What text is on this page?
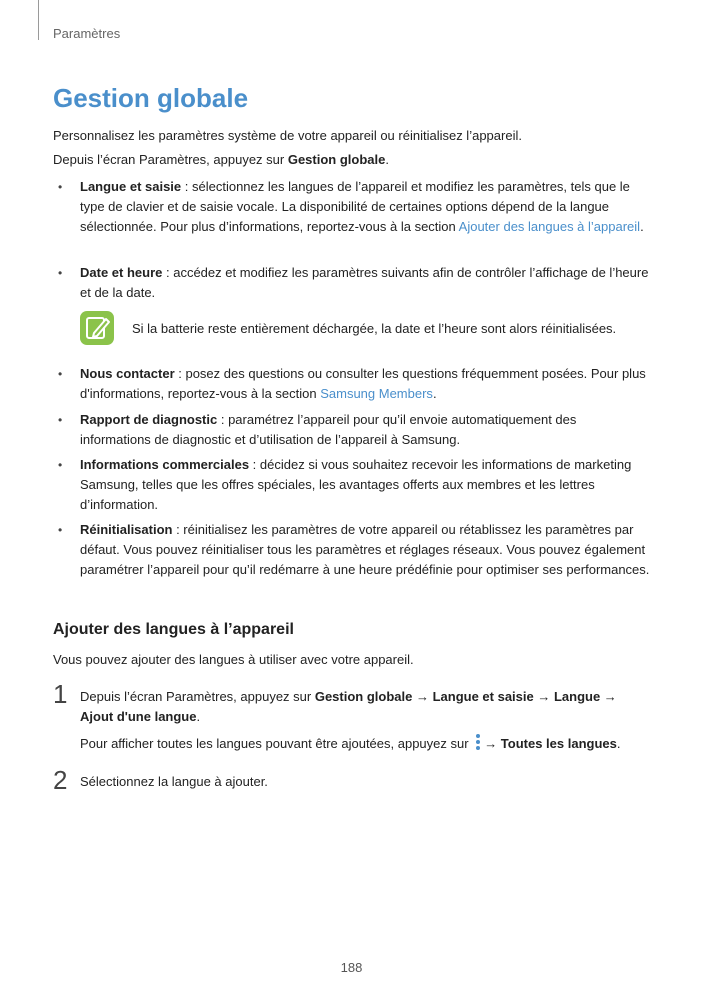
Paramètres
Gestion globale

Personnalisez les paramètres système de votre appareil ou réinitialisez l’appareil.

Depuis l’écran Paramètres, appuyez sur Gestion globale.

• Langue et saisie : sélectionnez les langues de l’appareil et modifiez les paramètres, tels que le type de clavier et de saisie vocale. La disponibilité de certaines options dépend de la langue sélectionnée. Pour plus d’informations, reportez-vous à la section Ajouter des langues à l’appareil.
• Date et heure : accédez et modifiez les paramètres suivants afin de contrôler l’affichage de l’heure et de la date.
Si la batterie reste entièrement déchargée, la date et l’heure sont alors réinitialisées.
• Nous contacter : posez des questions ou consulter les questions fréquemment posées. Pour plus d'informations, reportez-vous à la section Samsung Members.
• Rapport de diagnostic : paramétrez l’appareil pour qu’il envoie automatiquement des informations de diagnostic et d’utilisation de l’appareil à Samsung.
• Informations commerciales : décidez si vous souhaitez recevoir les informations de marketing Samsung, telles que les offres spéciales, les avantages offerts aux membres et les lettres d’information.
• Réinitialisation : réinitialisez les paramètres de votre appareil ou rétablissez les paramètres par défaut. Vous pouvez réinitialiser tous les paramètres et réglages réseaux. Vous pouvez également paramétrer l’appareil pour qu’il redémarre à une heure prédéfinie pour optimiser ses performances.
Ajouter des langues à l’appareil

Vous pouvez ajouter des langues à utiliser avec votre appareil.

1 Depuis l’écran Paramètres, appuyez sur Gestion globale → Langue et saisie → Langue → Ajout d'une langue.
Pour afficher toutes les langues pouvant être ajoutées, appuyez sur → Toutes les langues.
2 Sélectionnez la langue à ajouter.
188
